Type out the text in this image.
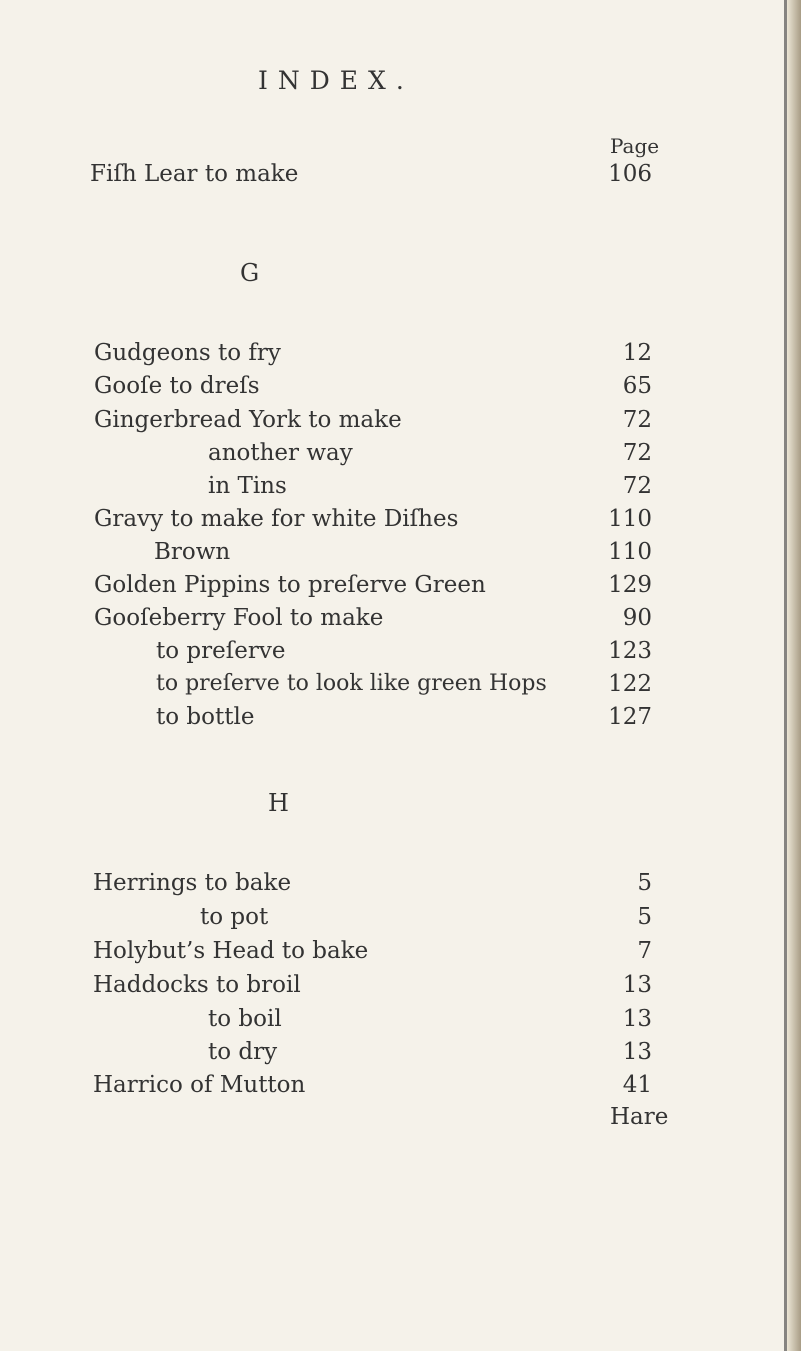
INDEX.
Page
Fiſh Lear to make	106
G
Gudgeons to fry	12
Gooſe to dreſs	65
Gingerbread York to make	72
another way	72
in Tins	72
Gravy to make for white Diſhes	110
Brown	110
Golden Pippins to preſerve Green	129
Gooſeberry Fool to make	90
to preſerve	123
to preſerve to look like green Hops	122
to bottle	127
H
Herrings to bake	5
to pot	5
Holybut’s Head to bake	7
Haddocks to broil	13
to boil	13
to dry	13
Harrico of Mutton	41
Hare
